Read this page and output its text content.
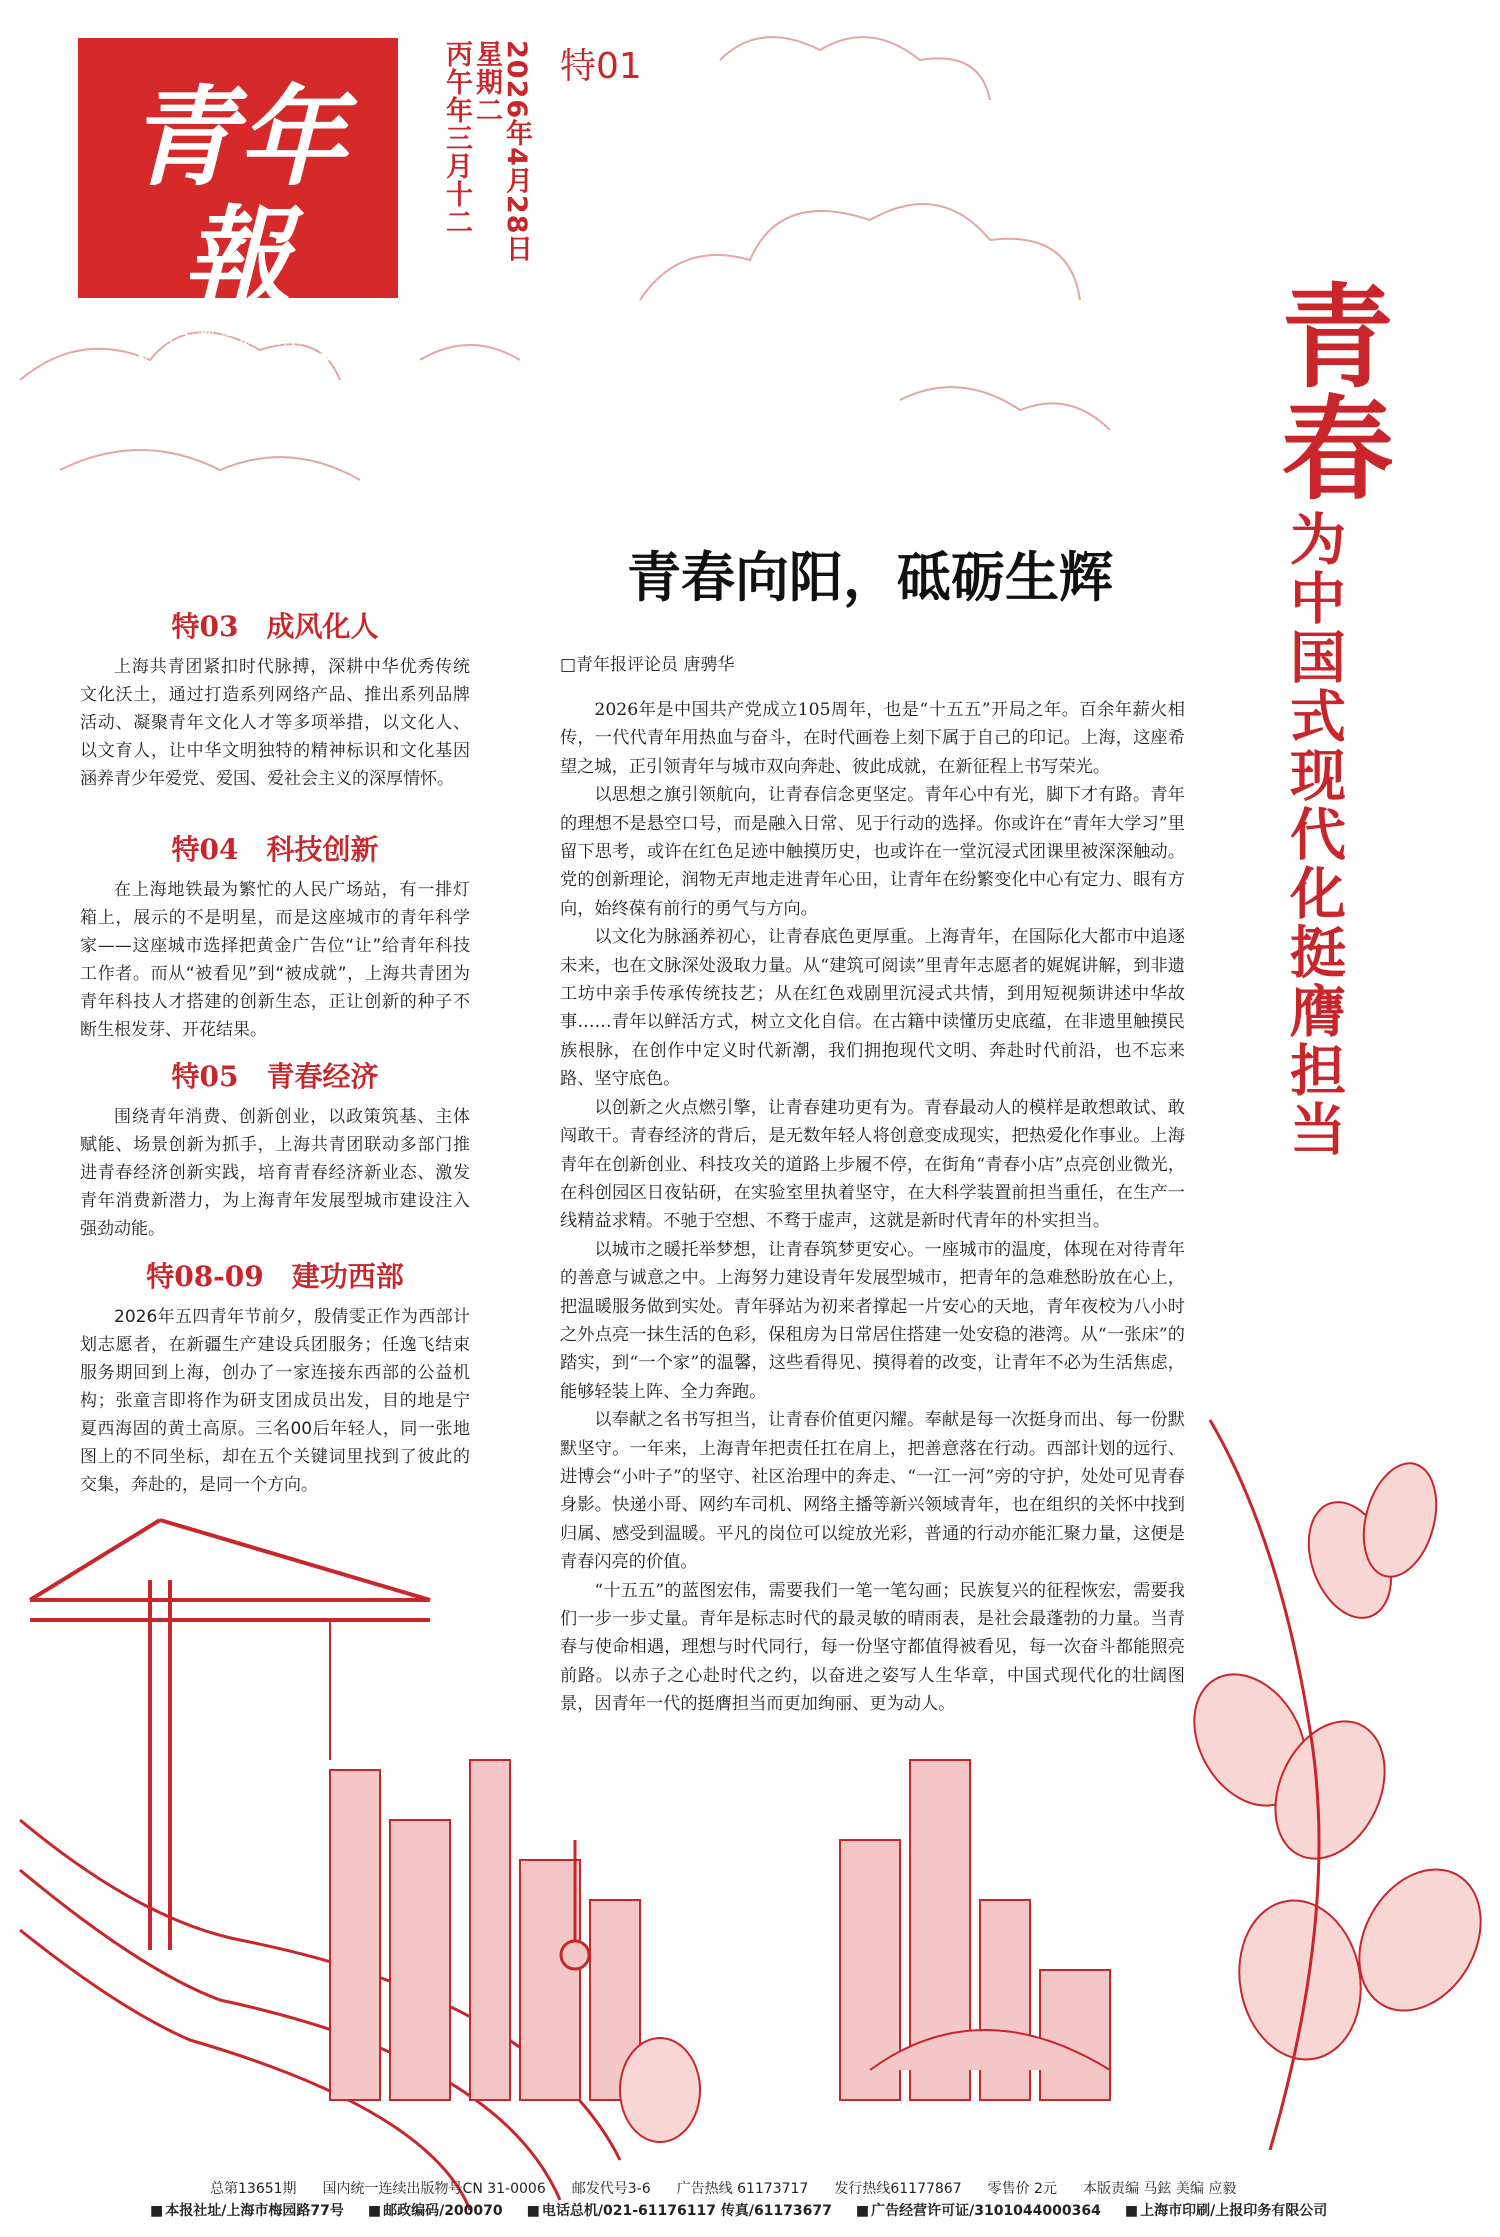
青年報
服务大都会最活跃人群
YOUTH DAILY
2026年4月28日
星期二
丙午年三月十二 特01
青春
为中国式现代化挺膺担当
青春向阳，砥砺生辉
□青年报评论员 唐骋华

2026年是中国共产党成立105周年，也是“十五五”开局之年。百余年薪火相传，一代代青年用热血与奋斗，在时代画卷上刻下属于自己的印记。上海，这座希望之城，正引领青年与城市双向奔赴、彼此成就，在新征程上书写荣光。

以思想之旗引领航向，让青春信念更坚定。青年心中有光，脚下才有路。青年的理想不是悬空口号，而是融入日常、见于行动的选择。你或许在“青年大学习”里留下思考，或许在红色足迹中触摸历史，也或许在一堂沉浸式团课里被深深触动。党的创新理论，润物无声地走进青年心田，让青年在纷繁变化中心有定力、眼有方向，始终葆有前行的勇气与方向。

以文化为脉涵养初心，让青春底色更厚重。上海青年，在国际化大都市中追逐未来，也在文脉深处汲取力量。从“建筑可阅读”里青年志愿者的娓娓讲解，到非遗工坊中亲手传承传统技艺；从在红色戏剧里沉浸式共情，到用短视频讲述中华故事……青年以鲜活方式，树立文化自信。在古籍中读懂历史底蕴，在非遗里触摸民族根脉，在创作中定义时代新潮，我们拥抱现代文明、奔赴时代前沿，也不忘来路、坚守底色。

以创新之火点燃引擎，让青春建功更有为。青春最动人的模样是敢想敢试、敢闯敢干。青春经济的背后，是无数年轻人将创意变成现实，把热爱化作事业。上海青年在创新创业、科技攻关的道路上步履不停，在街角“青春小店”点亮创业微光，在科创园区日夜钻研，在实验室里执着坚守，在大科学装置前担当重任，在生产一线精益求精。不驰于空想、不骛于虚声，这就是新时代青年的朴实担当。

以城市之暖托举梦想，让青春筑梦更安心。一座城市的温度，体现在对待青年的善意与诚意之中。上海努力建设青年发展型城市，把青年的急难愁盼放在心上，把温暖服务做到实处。青年驿站为初来者撑起一片安心的天地，青年夜校为八小时之外点亮一抹生活的色彩，保租房为日常居住搭建一处安稳的港湾。从“一张床”的踏实，到“一个家”的温馨，这些看得见、摸得着的改变，让青年不必为生活焦虑，能够轻装上阵、全力奔跑。

以奉献之名书写担当，让青春价值更闪耀。奉献是每一次挺身而出、每一份默默坚守。一年来，上海青年把责任扛在肩上，把善意落在行动。西部计划的远行、进博会“小叶子”的坚守、社区治理中的奔走、“一江一河”旁的守护，处处可见青春身影。快递小哥、网约车司机、网络主播等新兴领域青年，也在组织的关怀中找到归属、感受到温暖。平凡的岗位可以绽放光彩，普通的行动亦能汇聚力量，这便是青春闪亮的价值。

“十五五”的蓝图宏伟，需要我们一笔一笔勾画；民族复兴的征程恢宏，需要我们一步一步丈量。青年是标志时代的最灵敏的晴雨表，是社会最蓬勃的力量。当青春与使命相遇，理想与时代同行，每一份坚守都值得被看见，每一次奋斗都能照亮前路。以赤子之心赴时代之约，以奋进之姿写人生华章，中国式现代化的壮阔图景，因青年一代的挺膺担当而更加绚丽、更为动人。

特03　成风化人
上海共青团紧扣时代脉搏，深耕中华优秀传统文化沃土，通过打造系列网络产品、推出系列品牌活动、凝聚青年文化人才等多项举措，以文化人、以文育人，让中华文明独特的精神标识和文化基因涵养青少年爱党、爱国、爱社会主义的深厚情怀。
特04　科技创新
在上海地铁最为繁忙的人民广场站，有一排灯箱上，展示的不是明星，而是这座城市的青年科学家——这座城市选择把黄金广告位“让”给青年科技工作者。而从“被看见”到“被成就”，上海共青团为青年科技人才搭建的创新生态，正让创新的种子不断生根发芽、开花结果。
特05　青春经济
围绕青年消费、创新创业，以政策筑基、主体赋能、场景创新为抓手，上海共青团联动多部门推进青春经济创新实践，培育青春经济新业态、激发青年消费新潜力，为上海青年发展型城市建设注入强劲动能。
特08-09　建功西部
2026年五四青年节前夕，殷倩雯正作为西部计划志愿者，在新疆生产建设兵团服务；任逸飞结束服务期回到上海，创办了一家连接东西部的公益机构；张童言即将作为研支团成员出发，目的地是宁夏西海固的黄土高原。三名00后年轻人，同一张地图上的不同坐标，却在五个关键词里找到了彼此的交集，奔赴的，是同一个方向。
总第13651期 国内统一连续出版物号CN 31-0006 邮发代号3-6 广告热线 61173717 发行热线61177867 零售价 2元 本版责编 马鉉 美编 应毅
■ 本报社址/上海市梅园路77号	■ 邮政编码/200070	■ 电话总机/021-61176117 传真/61173677	■ 广告经营许可证/3101044000364	■ 上海市印刷/上报印务有限公司
